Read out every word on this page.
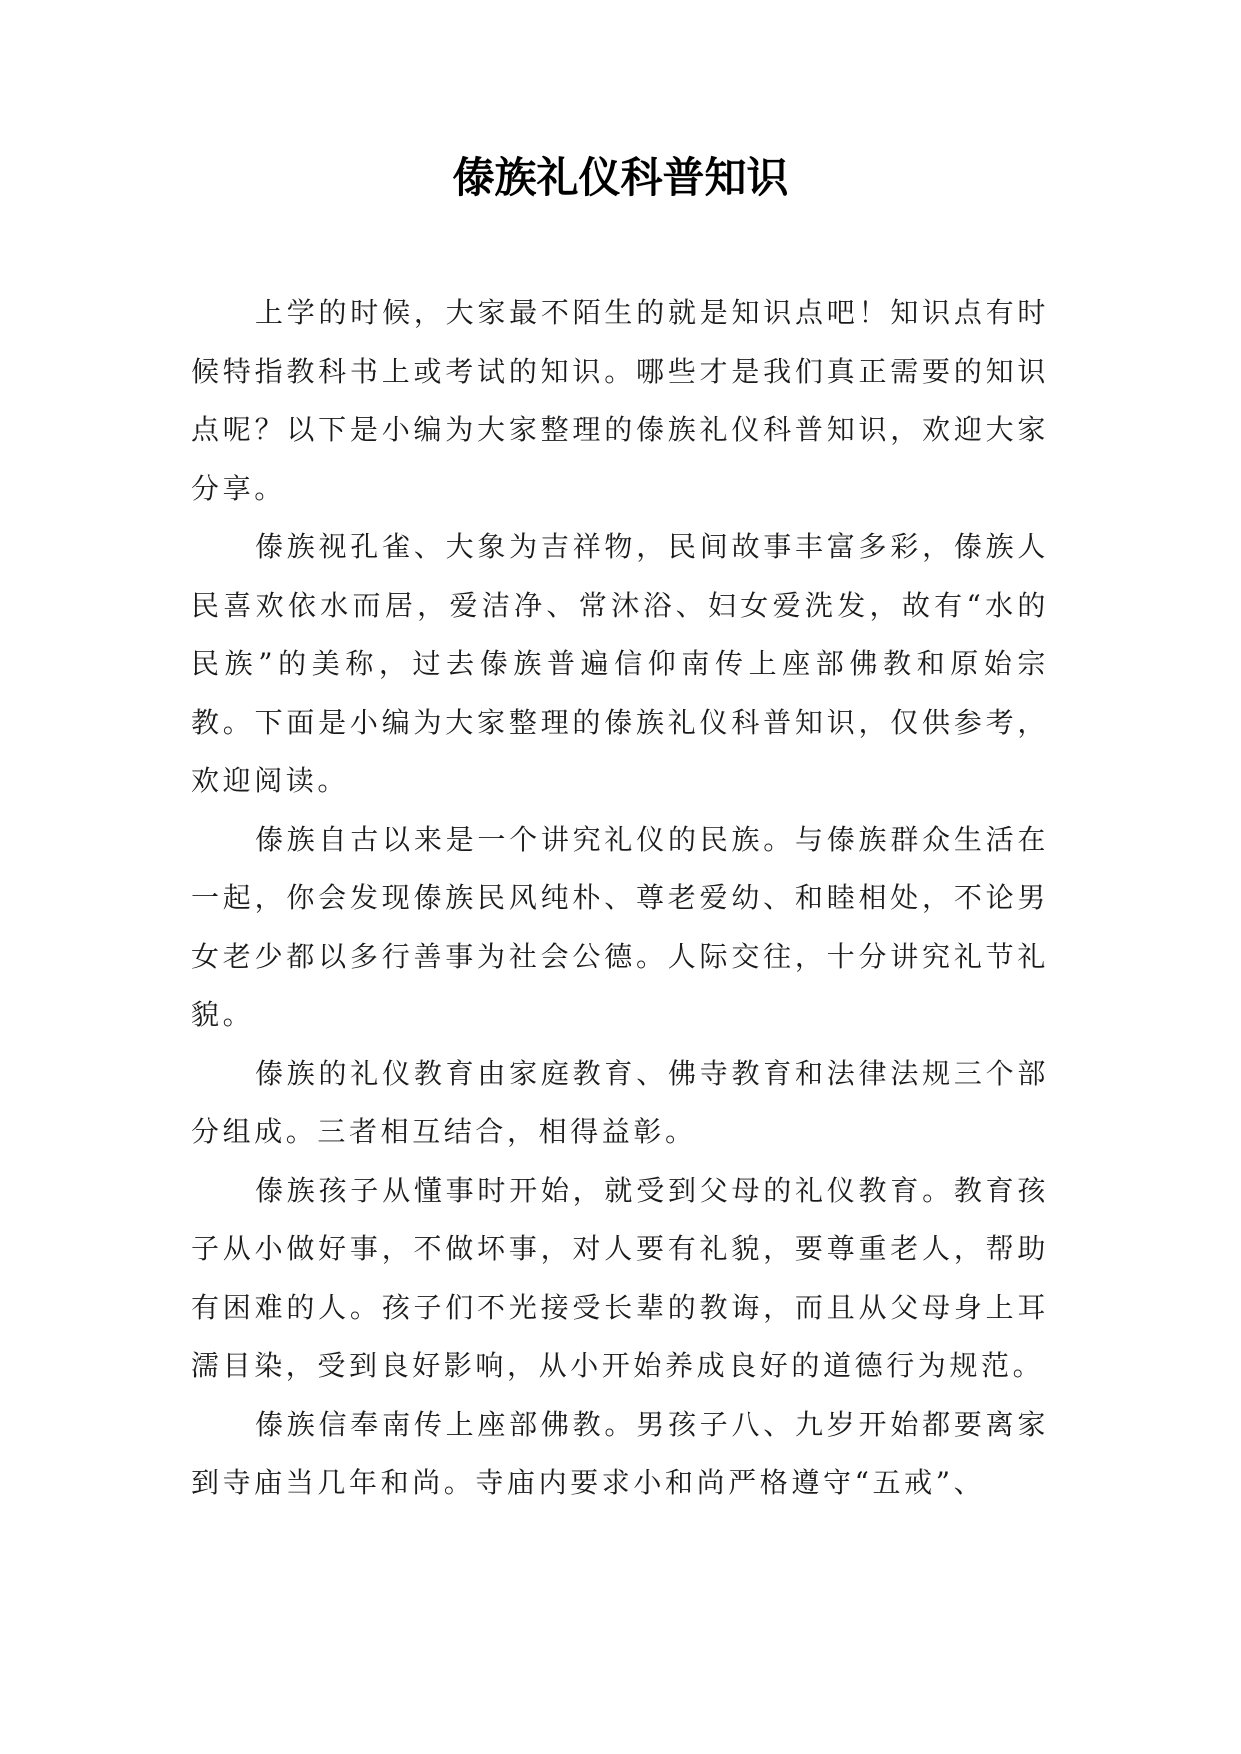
傣族礼仪科普知识

上学的时候，大家最不陌生的就是知识点吧！知识点有时候特指教科书上或考试的知识。哪些才是我们真正需要的知识点呢？以下是小编为大家整理的傣族礼仪科普知识，欢迎大家分享。

傣族视孔雀、大象为吉祥物，民间故事丰富多彩，傣族人民喜欢依水而居，爱洁净、常沐浴、妇女爱洗发，故有“水的民族”的美称，过去傣族普遍信仰南传上座部佛教和原始宗教。下面是小编为大家整理的傣族礼仪科普知识，仅供参考，欢迎阅读。

傣族自古以来是一个讲究礼仪的民族。与傣族群众生活在一起，你会发现傣族民风纯朴、尊老爱幼、和睦相处，不论男女老少都以多行善事为社会公德。人际交往，十分讲究礼节礼貌。

傣族的礼仪教育由家庭教育、佛寺教育和法律法规三个部分组成。三者相互结合，相得益彰。

傣族孩子从懂事时开始，就受到父母的礼仪教育。教育孩子从小做好事，不做坏事，对人要有礼貌，要尊重老人，帮助有困难的人。孩子们不光接受长辈的教诲，而且从父母身上耳濡目染，受到良好影响，从小开始养成良好的道德行为规范。

傣族信奉南传上座部佛教。男孩子八、九岁开始都要离家到寺庙当几年和尚。寺庙内要求小和尚严格遵守“五戒”、
